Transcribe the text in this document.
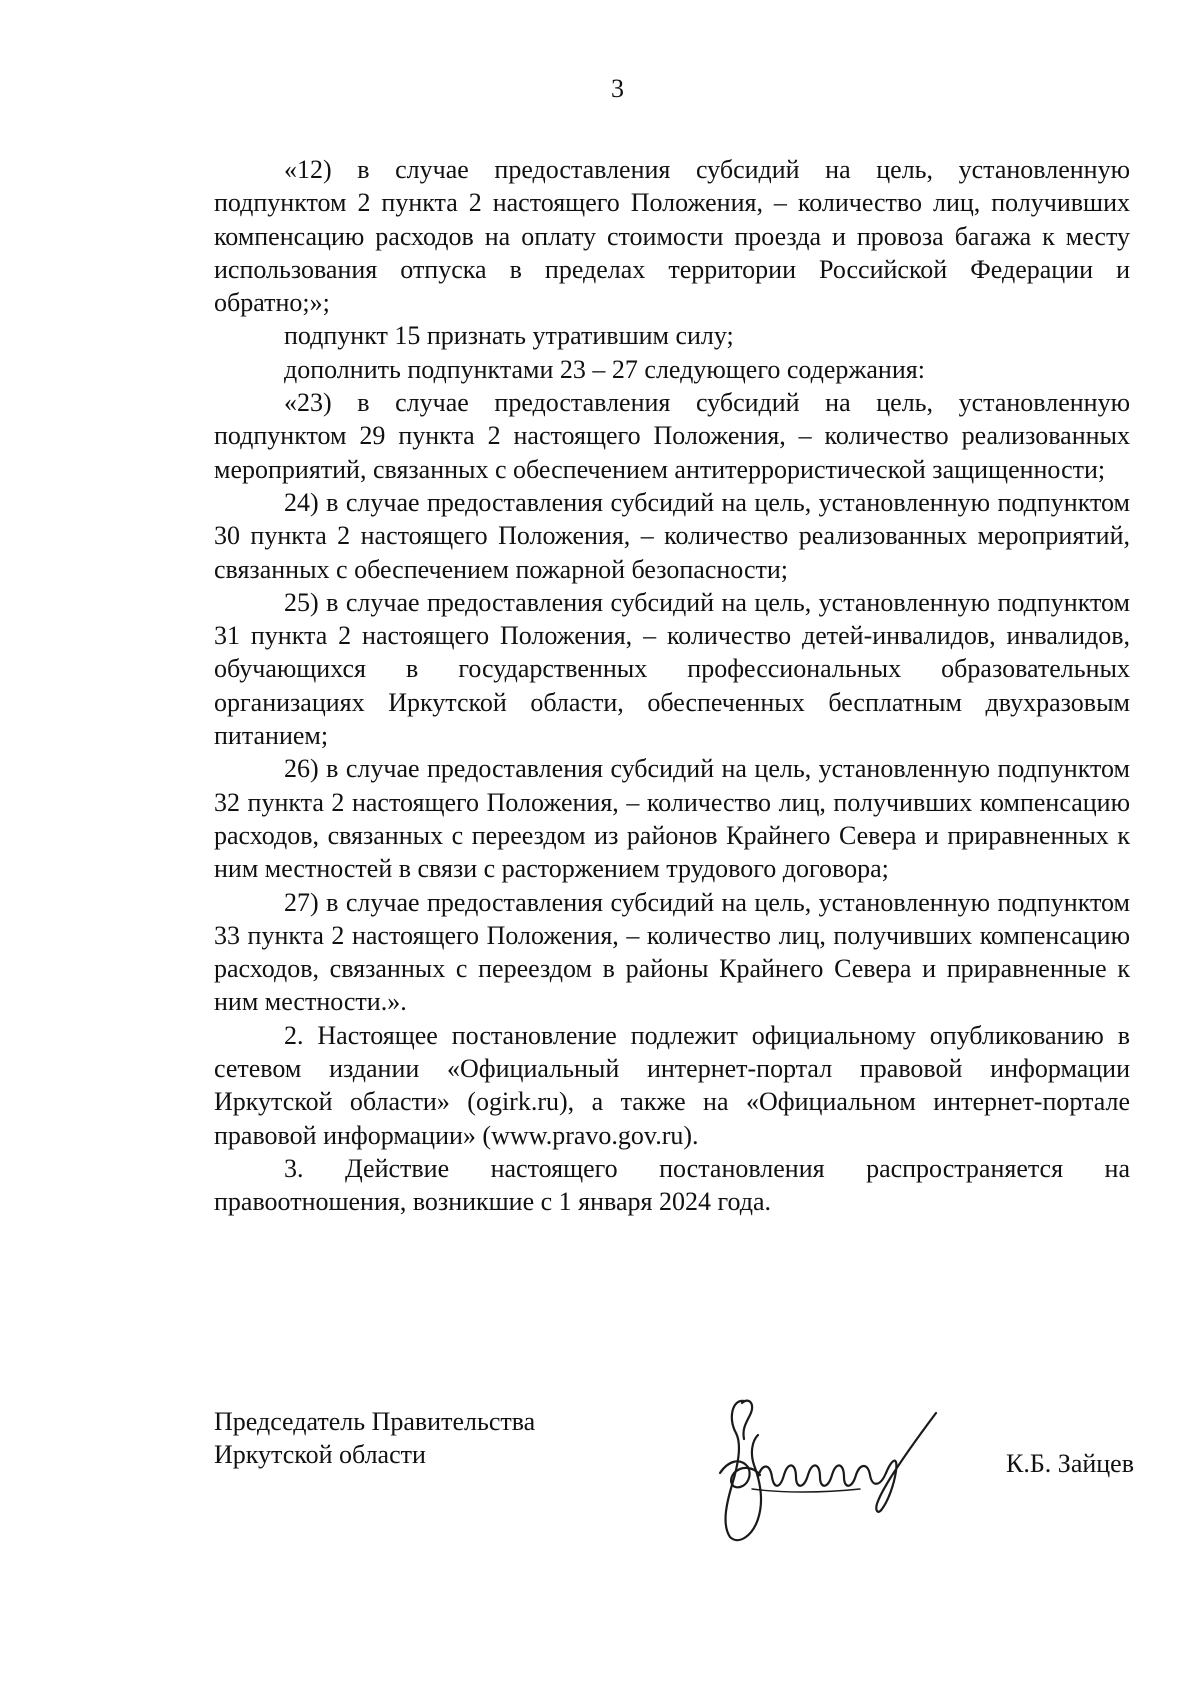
3

«12) в случае предоставления субсидий на цель, установленную подпунктом 2 пункта 2 настоящего Положения, – количество лиц, получивших компенсацию расходов на оплату стоимости проезда и провоза багажа к месту использования отпуска в пределах территории Российской Федерации и обратно;»;

подпункт 15 признать утратившим силу;

дополнить подпунктами 23 – 27 следующего содержания:

«23) в случае предоставления субсидий на цель, установленную подпунктом 29 пункта 2 настоящего Положения, – количество реализованных мероприятий, связанных с обеспечением антитеррористической защищенности;

24) в случае предоставления субсидий на цель, установленную подпунктом 30 пункта 2 настоящего Положения, – количество реализованных мероприятий, связанных с обеспечением пожарной безопасности;

25) в случае предоставления субсидий на цель, установленную подпунктом 31 пункта 2 настоящего Положения, – количество детей-инвалидов, инвалидов, обучающихся в государственных профессиональных образовательных организациях Иркутской области, обеспеченных бесплатным двухразовым питанием;

26) в случае предоставления субсидий на цель, установленную подпунктом 32 пункта 2 настоящего Положения, – количество лиц, получивших компенсацию расходов, связанных с переездом из районов Крайнего Севера и приравненных к ним местностей в связи с расторжением трудового договора;

27) в случае предоставления субсидий на цель, установленную подпунктом 33 пункта 2 настоящего Положения, – количество лиц, получивших компенсацию расходов, связанных с переездом в районы Крайнего Севера и приравненные к ним местности.».

2. Настоящее постановление подлежит официальному опубликованию в сетевом издании «Официальный интернет-портал правовой информации Иркутской области» (ogirk.ru), а также на «Официальном интернет-портале правовой информации» (www.pravo.gov.ru).

3. Действие настоящего постановления распространяется на правоотношения, возникшие с 1 января 2024 года.

Председатель Правительства
Иркутской области	К.Б. Зайцев
